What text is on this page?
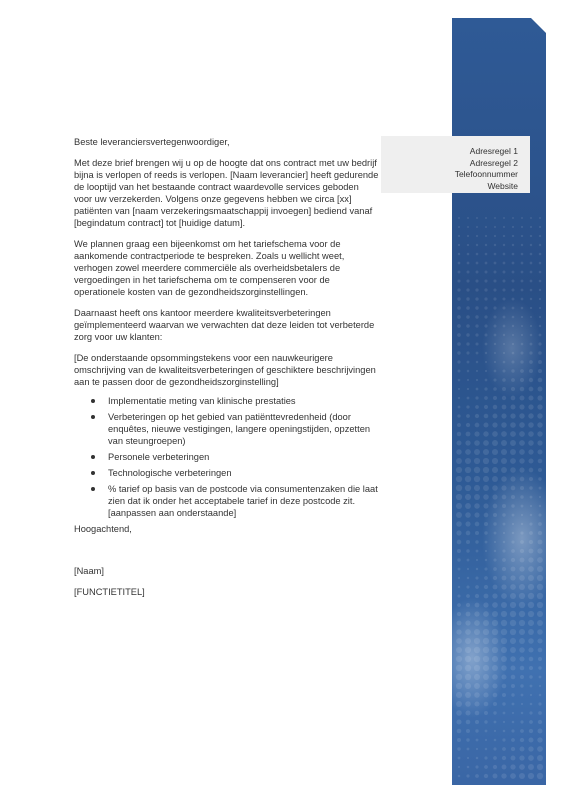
Adresregel 1
Adresregel 2
Telefoonnummer
Website

Beste leveranciersvertegenwoordiger,

Met deze brief brengen wij u op de hoogte dat ons contract met uw bedrijf bijna is verlopen of reeds is verlopen. [Naam leverancier] heeft gedurende de looptijd van het bestaande contract waardevolle services geboden voor uw verzekerden. Volgens onze gegevens hebben we circa [xx] patiënten van [naam verzekeringsmaatschappij invoegen] bediend vanaf [begindatum contract] tot [huidige datum].

We plannen graag een bijeenkomst om het tariefschema voor de aankomende contractperiode te bespreken. Zoals u wellicht weet, verhogen zowel meerdere commerciële als overheidsbetalers de vergoedingen in het tariefschema om te compenseren voor de operationele kosten van de gezondheidszorginstellingen.

Daarnaast heeft ons kantoor meerdere kwaliteitsverbeteringen geïmplementeerd waarvan we verwachten dat deze leiden tot verbeterde zorg voor uw klanten:

[De onderstaande opsommingstekens voor een nauwkeurigere omschrijving van de kwaliteitsverbeteringen of geschiktere beschrijvingen aan te passen door de gezondheidszorginstelling]

Implementatie meting van klinische prestaties
Verbeteringen op het gebied van patiënttevredenheid (door enquêtes, nieuwe vestigingen, langere openingstijden, opzetten van steungroepen)
Personele verbeteringen
Technologische verbeteringen
% tarief op basis van de postcode via consumentenzaken die laat zien dat ik onder het acceptabele tarief in deze postcode zit. [aanpassen aan onderstaande]

Hoogachtend,

[Naam]

[FUNCTIETITEL]
